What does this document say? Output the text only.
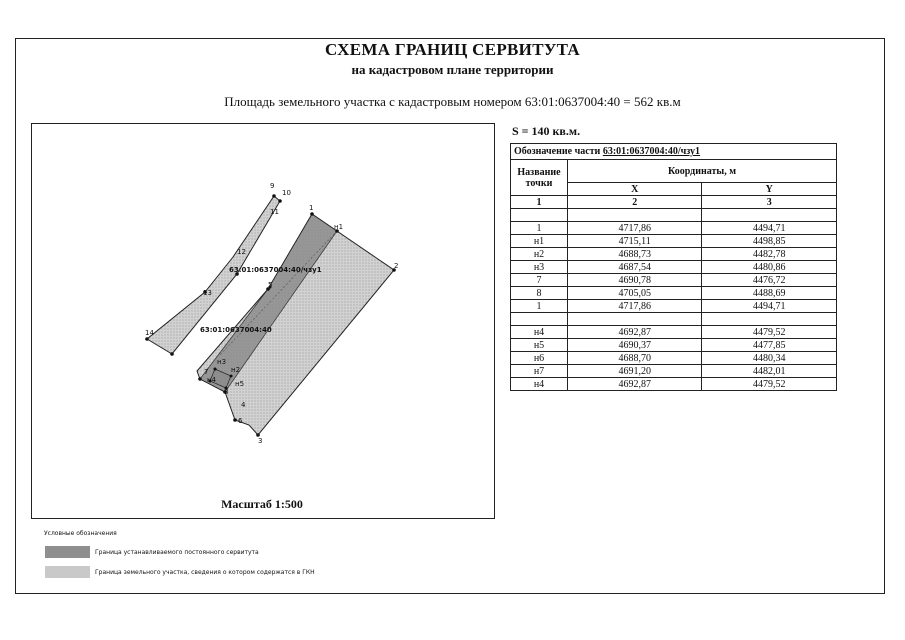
СХЕМА ГРАНИЦ СЕРВИТУТА
на кадастровом плане территории
Площадь земельного участка с кадастровым номером 63:01:0637004:40 = 562 кв.м
9
10
11	1
н1
2
12
13
14
5
н3
н2
7
н4	н5
8
4
6
3
63:01:0637004:40/чзу1
63:01:0637004:40
Масштаб 1:500
S = 140 кв.м.
Обозначение части 63:01:0637004:40/чзу1		
Название точки	Координаты, м	
	X	Y
1	2	3

1	4717,86	4494,71
н1	4715,11	4498,85
н2	4688,73	4482,78
н3	4687,54	4480,86
7	4690,78	4476,72
8	4705,05	4488,69
1	4717,86	4494,71

н4	4692,87	4479,52
н5	4690,37	4477,85
н6	4688,70	4480,34
н7	4691,20	4482,01
н4	4692,87	4479,52
Условные обозначения
Граница устанавливаемого постоянного сервитута
Граница земельного участка, сведения о котором содержатся в ГКН
